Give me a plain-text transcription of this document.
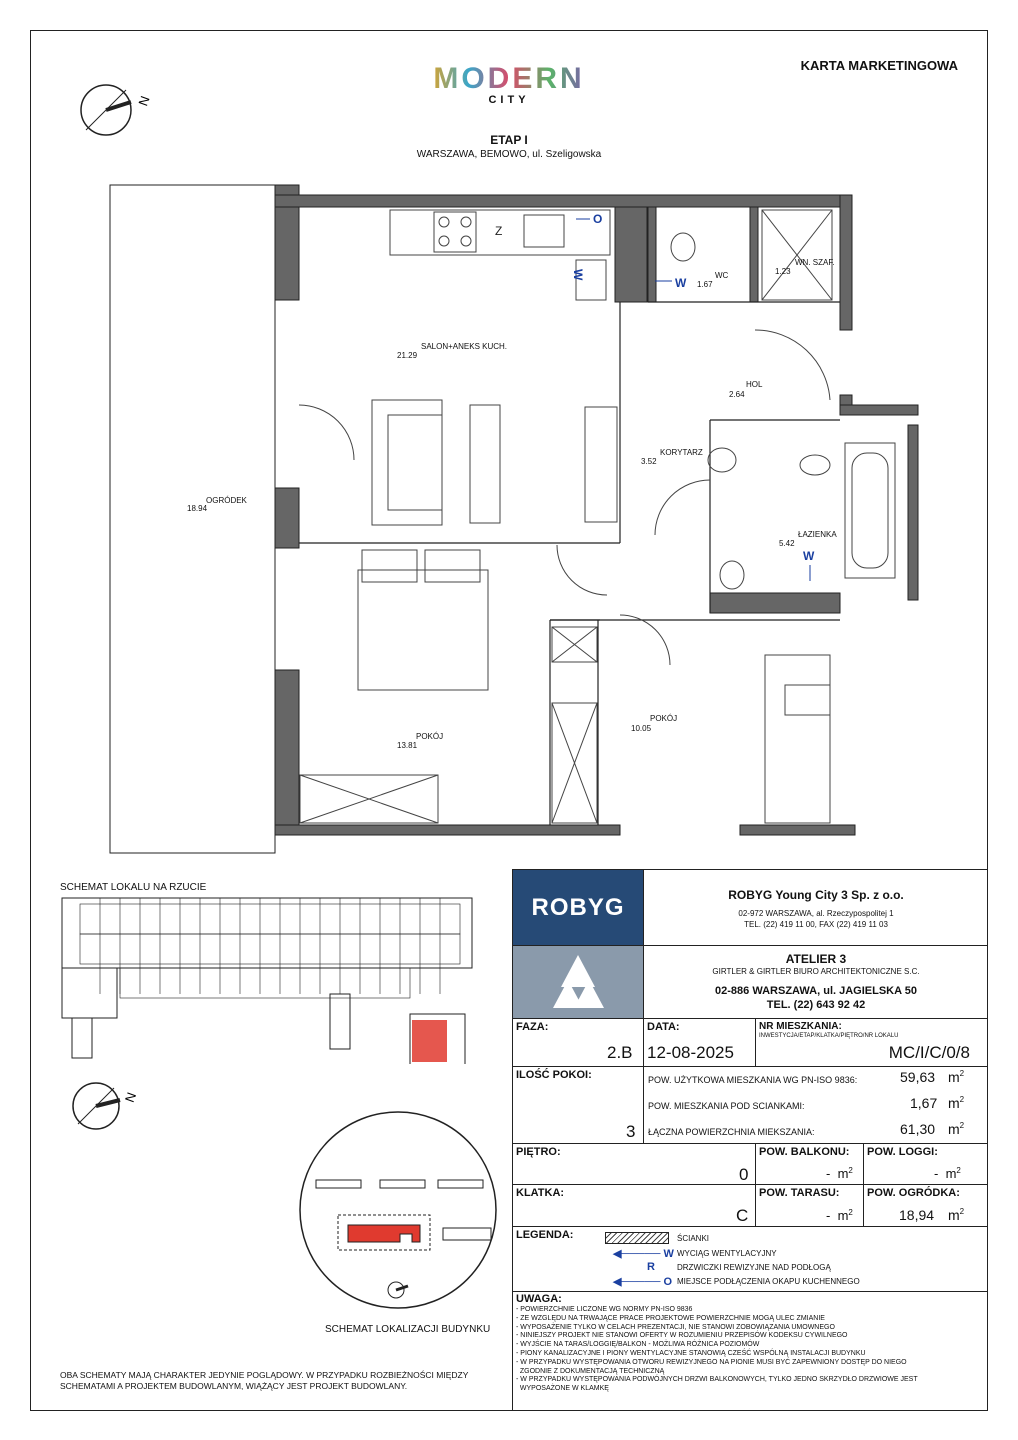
KARTA MARKETINGOWA
MODERN
CITY
ETAP I
WARSZAWA, BEMOWO, ul. Szeligowska
N
O
W
W
W
Z
SALON+ANEKS KUCH.
21.29
OGRÓDEK
18.94
WC
1.67
WN. SZAF.
1.23
HOL
2.64
KORYTARZ
3.52
ŁAZIENKA
5.42
POKÓJ
13.81
POKÓJ
10.05
SCHEMAT LOKALU NA RZUCIE
N
SCHEMAT LOKALIZACJI BUDYNKU
OBA SCHEMATY MAJĄ CHARAKTER JEDYNIE POGLĄDOWY. W PRZYPADKU ROZBIEŻNOŚCI MIĘDZY SCHEMATAMI A PROJEKTEM BUDOWLANYM, WIĄŻĄCY JEST PROJEKT BUDOWLANY.
ROBYG	ROBYG Young City 3 Sp. z o.o.
02-972 WARSZAWA, al. Rzeczypospolitej 1
TEL. (22) 419 11 00, FAX (22) 419 11 03
ATELIER 3
GIRTLER & GIRTLER BIURO ARCHITEKTONICZNE S.C.
02-886 WARSZAWA, ul. JAGIELSKA 50
TEL. (22) 643 92 42
FAZA:
2.B
DATA:
12-08-2025
NR MIESZKANIA:
INWESTYCJA/ETAP/KLATKA/PIĘTRO/NR LOKALU
MC/I/C/0/8
ILOŚĆ POKOI:
3
POW. UŻYTKOWA MIESZKANIA WG PN-ISO 9836:	59,63 $m^2$
POW. MIESZKANIA POD SCIANKAMI:	1,67 $m^2$
ŁĄCZNA POWIERZCHNIA MIEKSZANIA:	61,30 $m^2$
PIĘTRO:
0
POW. BALKONU:
- $m^2$
POW. LOGGI:
- $m^2$
KLATKA:
C
POW. TARASU:
- $m^2$
POW. OGRÓDKA:
18,94 $m^2$
LEGENDA:	ŚCIANKI
◀───── W WYCIĄG WENTYLACYJNY
R	DRZWICZKI REWIZYJNE NAD PODŁOGĄ
◀───── O MIEJSCE PODŁĄCZENIA OKAPU KUCHENNEGO
UWAGA:
- POWIERZCHNIE LICZONE WG NORMY PN-ISO 9836
- ZE WZGLĘDU NA TRWAJĄCE PRACE PROJEKTOWE POWIERZCHNIE MOGĄ ULEC ZMIANIE
- WYPOSAŻENIE TYLKO W CELACH PREZENTACJI, NIE STANOWI ZOBOWIĄZANIA UMOWNEGO
- NINIEJSZY PROJEKT NIE STANOWI OFERTY W ROZUMIENIU PRZEPISÓW KODEKSU CYWILNEGO
- WYJŚCIE NA TARAS/LOGGIĘ/BALKON - MOŻLIWA RÓŻNICA POZIOMÓW
- PIONY KANALIZACYJNE I PIONY WENTYLACYJNE STANOWIĄ CZEŚĆ WSPÓLNĄ INSTALACJI BUDYNKU
- W PRZYPADKU WYSTĘPOWANIA OTWORU REWIZYJNEGO NA PIONIE MUSI BYĆ ZAPEWNIONY DOSTĘP DO NIEGO
ZGODNIE Z DOKUMENTACJĄ TECHNICZNĄ
- W PRZYPADKU WYSTĘPOWANIA PODWÓJNYCH DRZWI BALKONOWYCH, TYLKO JEDNO SKRZYDŁO DRZWIOWE JEST
WYPOSAŻONE W KLAMKĘ
